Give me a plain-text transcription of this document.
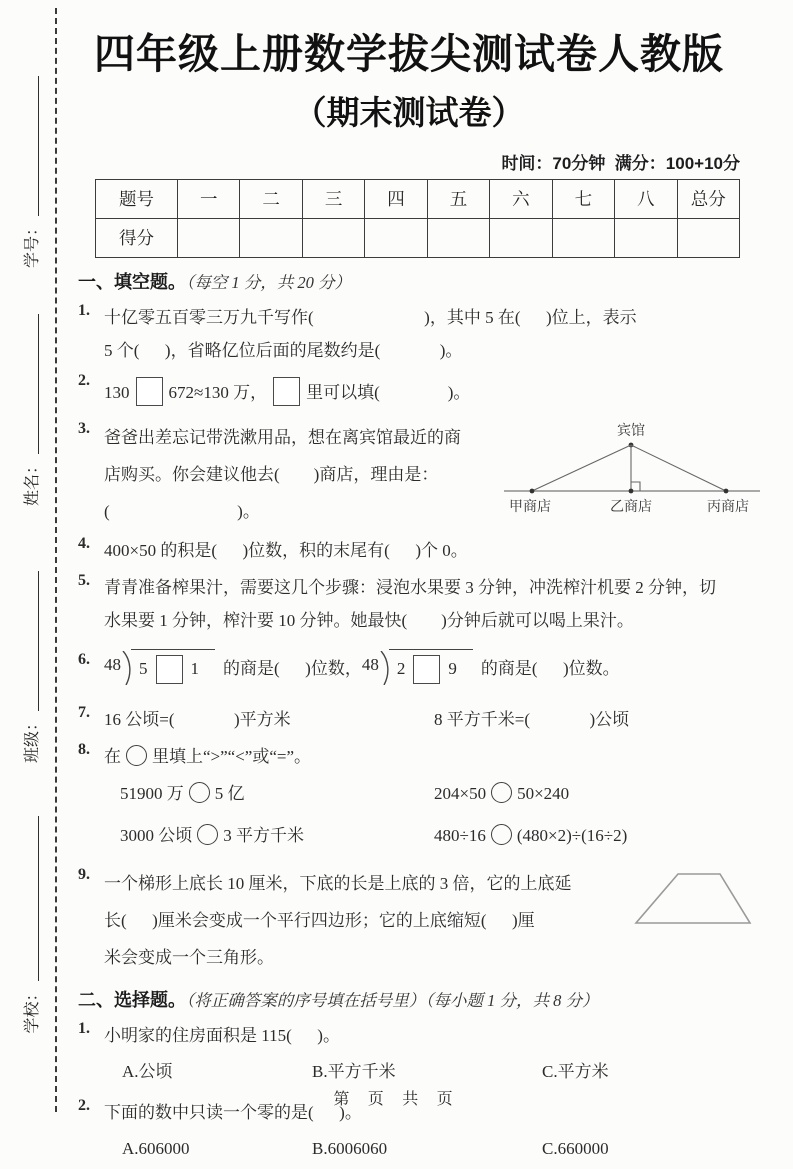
学号：
姓名：
班级：
学校：
四年级上册数学拔尖测试卷人教版
（期末测试卷）
时间：70分钟  满分：100+10分
题号	一	二	三	四	五	六	七	八	总分
得分									
一、填空题。（每空 1 分，共 20 分）
1. 十亿零五百零三万九千写作(                          )，其中 5 在(      )位上，表示
5 个(      )，省略亿位后面的尾数约是(              )。
2.
130 672≈130 万， 里可以填(                )。
3. 爸爸出差忘记带洗漱用品，想在离宾馆最近的商
店购买。你会建议他去(        )商店，理由是：
(                              )。
宾馆
甲商店	乙商店	丙商店
4. 400×50 的积是(      )位数，积的末尾有(      )个 0。
5. 青青准备榨果汁，需要这几个步骤：浸泡水果要 3 分钟，冲洗榨汁机要 2 分钟，切
水果要 1 分钟，榨汁要 10 分钟。她最快(        )分钟后就可以喝上果汁。
6. 48 5	1 的商是(      )位数， 48 2	9 的商是(      )位数。
7. 16 公顷=(              )平方米	8 平方千米=(              )公顷
8. 在 里填上“>”“<”或“=”。
51900 万 5 亿	204×50 50×240
3000 公顷 3 平方千米	480÷16 (480×2)÷(16÷2)
9. 一个梯形上底长 10 厘米，下底的长是上底的 3 倍，它的上底延
长(      )厘米会变成一个平行四边形；它的上底缩短(      )厘
米会变成一个三角形。
二、选择题。（将正确答案的序号填在括号里）（每小题 1 分，共 8 分）
1. 小明家的住房面积是 115(      )。
A.公顷	B.平方千米	C.平方米
2. 下面的数中只读一个零的是(      )。
A.606000	B.6006060	C.660000
第 页 共 页
